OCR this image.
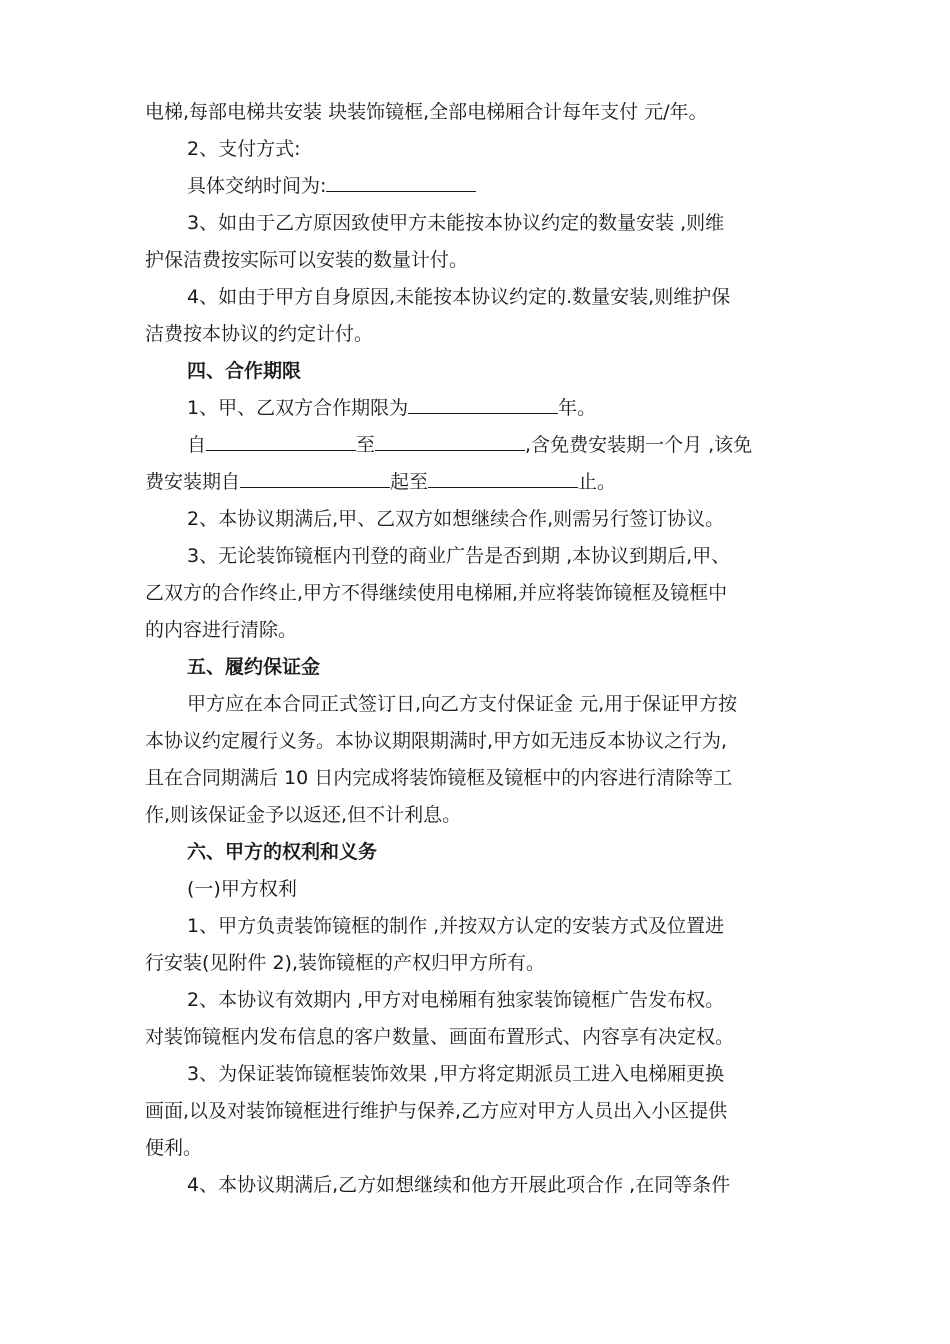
电梯,每部电梯共安装 块装饰镜框,全部电梯厢合计每年支付 元/年。
2、支付方式:
具体交纳时间为:
3、如由于乙方原因致使甲方未能按本协议约定的数量安装 ,则维
护保洁费按实际可以安装的数量计付。
4、如由于甲方自身原因,未能按本协议约定的.数量安装,则维护保
洁费按本协议的约定计付。
四、合作期限
1、甲、乙双方合作期限为	年。
自	至	,含免费安装期一个月 ,该免
费安装期自	起至	止。
2、本协议期满后,甲、乙双方如想继续合作,则需另行签订协议。
3、无论装饰镜框内刊登的商业广告是否到期 ,本协议到期后,甲、
乙双方的合作终止,甲方不得继续使用电梯厢,并应将装饰镜框及镜框中
的内容进行清除。
五、履约保证金
甲方应在本合同正式签订日,向乙方支付保证金 元,用于保证甲方按
本协议约定履行义务。本协议期限期满时,甲方如无违反本协议之行为,
且在合同期满后 10 日内完成将装饰镜框及镜框中的内容进行清除等工
作,则该保证金予以返还,但不计利息。
六、甲方的权利和义务
(一)甲方权利
1、甲方负责装饰镜框的制作 ,并按双方认定的安装方式及位置进
行安装(见附件 2),装饰镜框的产权归甲方所有。
2、本协议有效期内 ,甲方对电梯厢有独家装饰镜框广告发布权。
对装饰镜框内发布信息的客户数量、画面布置形式、内容享有决定权。
3、为保证装饰镜框装饰效果 ,甲方将定期派员工进入电梯厢更换
画面,以及对装饰镜框进行维护与保养,乙方应对甲方人员出入小区提供
便利。
4、本协议期满后,乙方如想继续和他方开展此项合作 ,在同等条件
